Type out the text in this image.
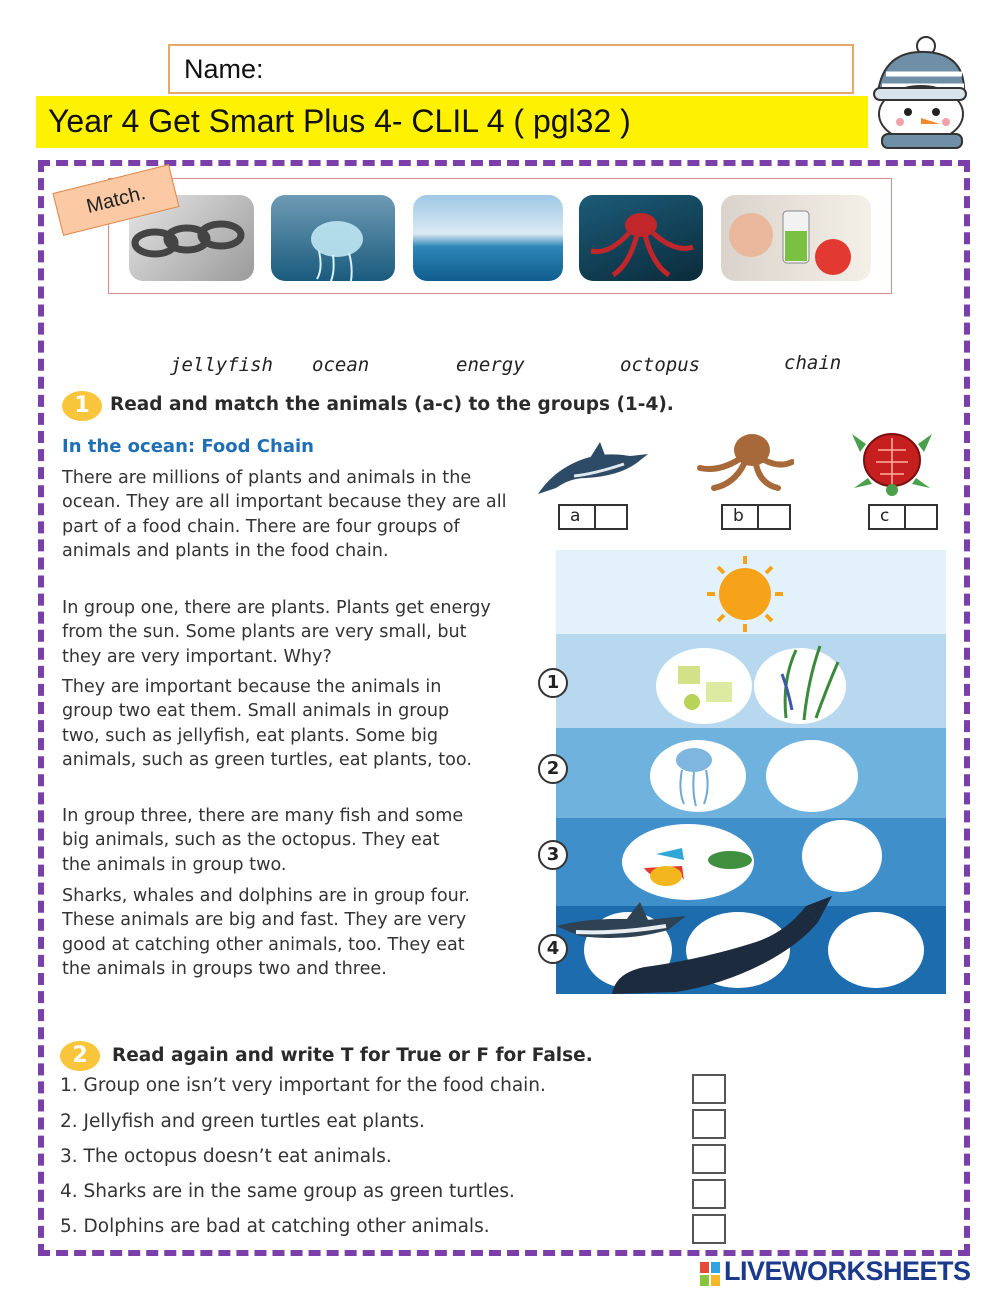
Name:
Year 4 Get Smart Plus 4- CLIL 4 ( pgl32 )
Match.
jellyfish ocean	energy	octopus	chain
1	Read and match the animals (a-c) to the groups (1-4).
In the ocean: Food Chain

There are millions of plants and animals in the ocean. They are all important because they are all part of a food chain. There are four groups of animals and plants in the food chain.

In group one, there are plants. Plants get energy from the sun. Some plants are very small, but they are very important. Why?

They are important because the animals in group two eat them. Small animals in group two, such as jellyfish, eat plants. Some big animals, such as green turtles, eat plants, too.

In group three, there are many fish and some big animals, such as the octopus. They eat the animals in group two.

Sharks, whales and dolphins are in group four. These animals are big and fast. They are very good at catching other animals, too. They eat the animals in groups two and three.

a	b	c
1
2
3
4
2	Read again and write T for True or F for False.
1. Group one isn’t very important for the food chain.
2. Jellyfish and green turtles eat plants.
3. The octopus doesn’t eat animals.
4. Sharks are in the same group as green turtles.
5. Dolphins are bad at catching other animals.
LIVEWORKSHEETS
